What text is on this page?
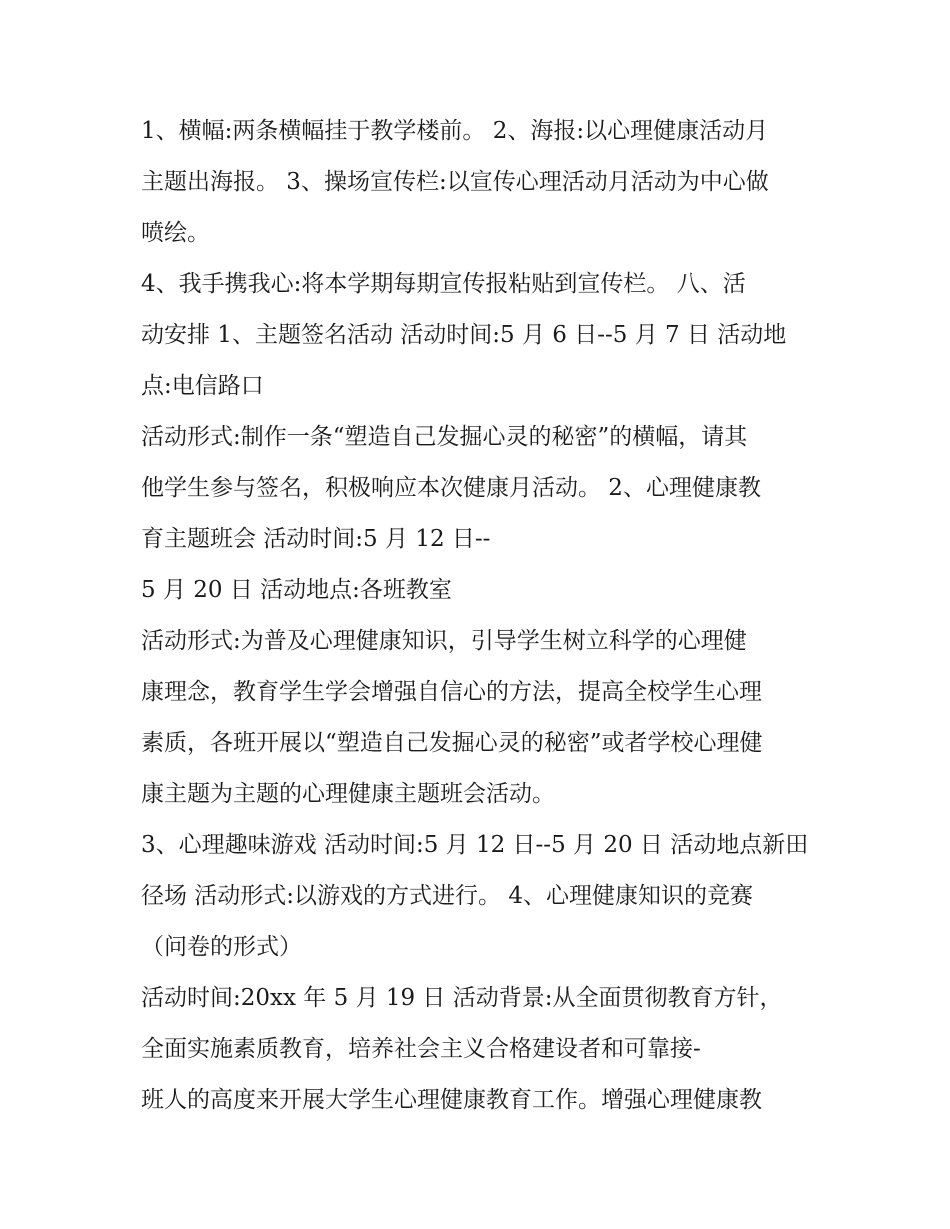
1、横幅:两条横幅挂于教学楼前。 2、海报:以心理健康活动月

主题出海报。 3、操场宣传栏:以宣传心理活动月活动为中心做

喷绘。

4、我手携我心:将本学期每期宣传报粘贴到宣传栏。 八、活

动安排 1、主题签名活动 活动时间:5 月 6 日--5 月 7 日 活动地

点:电信路口

活动形式:制作一条“塑造自己发掘心灵的秘密”的横幅，请其

他学生参与签名，积极响应本次健康月活动。 2、心理健康教

育主题班会 活动时间:5 月 12 日--

5 月 20 日 活动地点:各班教室

活动形式:为普及心理健康知识，引导学生树立科学的心理健

康理念，教育学生学会增强自信心的方法，提高全校学生心理

素质，各班开展以“塑造自己发掘心灵的秘密”或者学校心理健

康主题为主题的心理健康主题班会活动。

3、心理趣味游戏 活动时间:5 月 12 日--5 月 20 日 活动地点新田

径场 活动形式:以游戏的方式进行。 4、心理健康知识的竞赛

（问卷的形式）

活动时间:20xx 年 5 月 19 日 活动背景:从全面贯彻教育方针，

全面实施素质教育，培养社会主义合格建设者和可靠接-

班人的高度来开展大学生心理健康教育工作。增强心理健康教
